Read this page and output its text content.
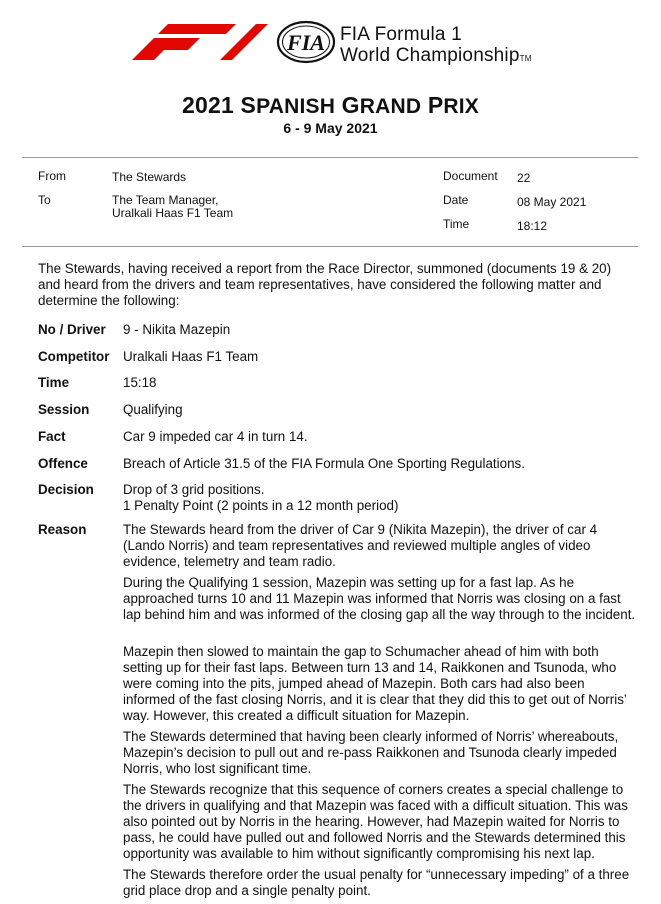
FIA FIA Formula 1
World ChampionshipTM
2021 SPANISH GRAND PRIX
6 - 9 May 2021
From	The Stewards
To	The Team Manager,
Uralkali Haas F1 Team
Document 22
Date	08 May 2021
Time	18:12
The Stewards, having received a report from the Race Director, summoned (documents 19 & 20) and heard from the drivers and team representatives, have considered the following matter and determine the following:
No / Driver	9 - Nikita Mazepin
Competitor	Uralkali Haas F1 Team
Time	15:18
Session	Qualifying
Fact	Car 9 impeded car 4 in turn 14.
Offence	Breach of Article 31.5 of the FIA Formula One Sporting Regulations.
Decision	Drop of 3 grid positions.
1 Penalty Point (2 points in a 12 month period)
Reason	The Stewards heard from the driver of Car 9 (Nikita Mazepin), the driver of car 4 (Lando Norris) and team representatives and reviewed multiple angles of video evidence, telemetry and team radio.

During the Qualifying 1 session, Mazepin was setting up for a fast lap. As he approached turns 10 and 11 Mazepin was informed that Norris was closing on a fast lap behind him and was informed of the closing gap all the way through to the incident.

Mazepin then slowed to maintain the gap to Schumacher ahead of him with both setting up for their fast laps. Between turn 13 and 14, Raikkonen and Tsunoda, who were coming into the pits, jumped ahead of Mazepin. Both cars had also been informed of the fast closing Norris, and it is clear that they did this to get out of Norris’ way. However, this created a difficult situation for Mazepin.

The Stewards determined that having been clearly informed of Norris’ whereabouts, Mazepin’s decision to pull out and re-pass Raikkonen and Tsunoda clearly impeded Norris, who lost significant time.

The Stewards recognize that this sequence of corners creates a special challenge to the drivers in qualifying and that Mazepin was faced with a difficult situation. This was also pointed out by Norris in the hearing. However, had Mazepin waited for Norris to pass, he could have pulled out and followed Norris and the Stewards determined this opportunity was available to him without significantly compromising his next lap.

The Stewards therefore order the usual penalty for “unnecessary impeding” of a three grid place drop and a single penalty point.
